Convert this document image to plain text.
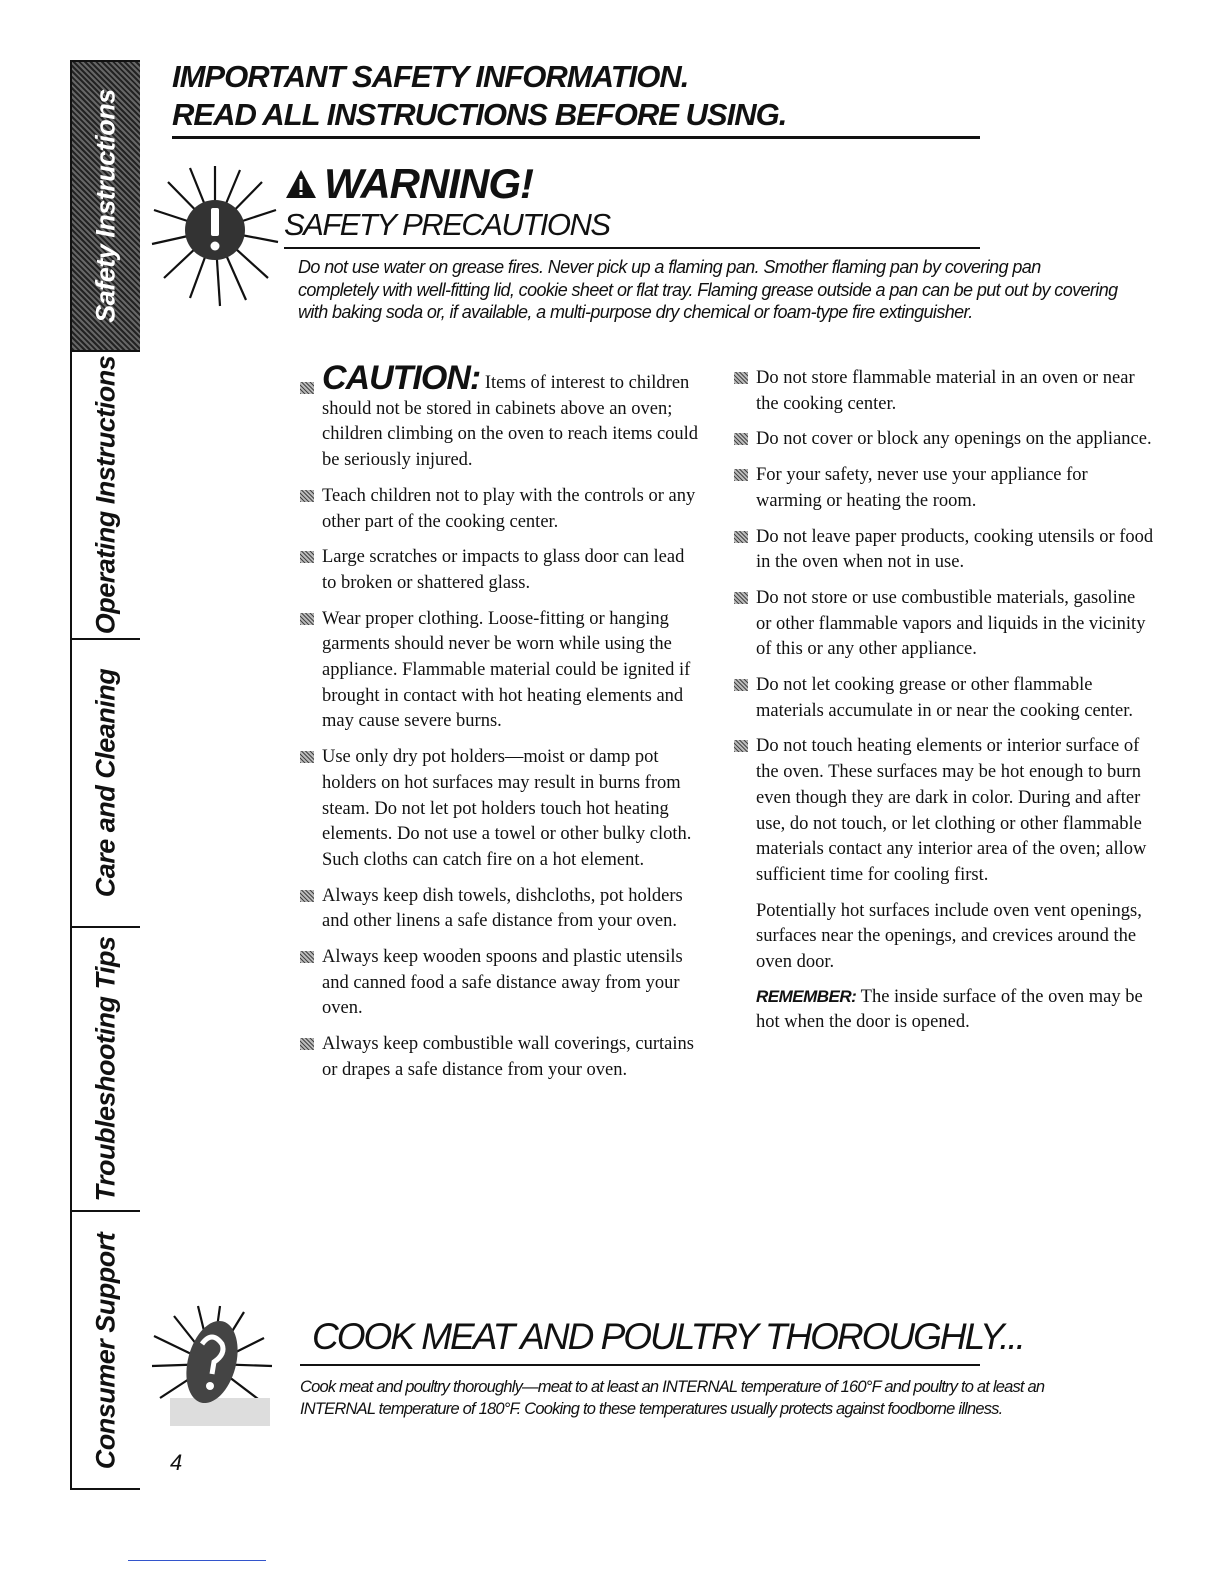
Safety Instructions
Operating Instructions
Care and Cleaning
Troubleshooting Tips
Consumer Support
IMPORTANT SAFETY INFORMATION.
READ ALL INSTRUCTIONS BEFORE USING.
WARNING!
SAFETY PRECAUTIONS
Do not use water on grease fires. Never pick up a flaming pan. Smother flaming pan by covering pan completely with well-fitting lid, cookie sheet or flat tray. Flaming grease outside a pan can be put out by covering with baking soda or, if available, a multi-purpose dry chemical or foam-type fire extinguisher.
CAUTION: Items of interest to children should not be stored in cabinets above an oven; children climbing on the oven to reach items could be seriously injured.
Teach children not to play with the controls or any other part of the cooking center.
Large scratches or impacts to glass door can lead to broken or shattered glass.
Wear proper clothing. Loose-fitting or hanging garments should never be worn while using the appliance. Flammable material could be ignited if brought in contact with hot heating elements and may cause severe burns.
Use only dry pot holders—moist or damp pot holders on hot surfaces may result in burns from steam. Do not let pot holders touch hot heating elements. Do not use a towel or other bulky cloth. Such cloths can catch fire on a hot element.
Always keep dish towels, dishcloths, pot holders and other linens a safe distance from your oven.
Always keep wooden spoons and plastic utensils and canned food a safe distance away from your oven.
Always keep combustible wall coverings, curtains or drapes a safe distance from your oven.
Do not store flammable material in an oven or near the cooking center.
Do not cover or block any openings on the appliance.
For your safety, never use your appliance for warming or heating the room.
Do not leave paper products, cooking utensils or food in the oven when not in use.
Do not store or use combustible materials, gasoline or other flammable vapors and liquids in the vicinity of this or any other appliance.
Do not let cooking grease or other flammable materials accumulate in or near the cooking center.
Do not touch heating elements or interior surface of the oven. These surfaces may be hot enough to burn even though they are dark in color. During and after use, do not touch, or let clothing or other flammable materials contact any interior area of the oven; allow sufficient time for cooling first.
Potentially hot surfaces include oven vent openings, surfaces near the openings, and crevices around the oven door.
REMEMBER: The inside surface of the oven may be hot when the door is opened.
COOK MEAT AND POULTRY THOROUGHLY...
Cook meat and poultry thoroughly—meat to at least an INTERNAL temperature of 160°F and poultry to at least an INTERNAL temperature of 180°F. Cooking to these temperatures usually protects against foodborne illness.
4
